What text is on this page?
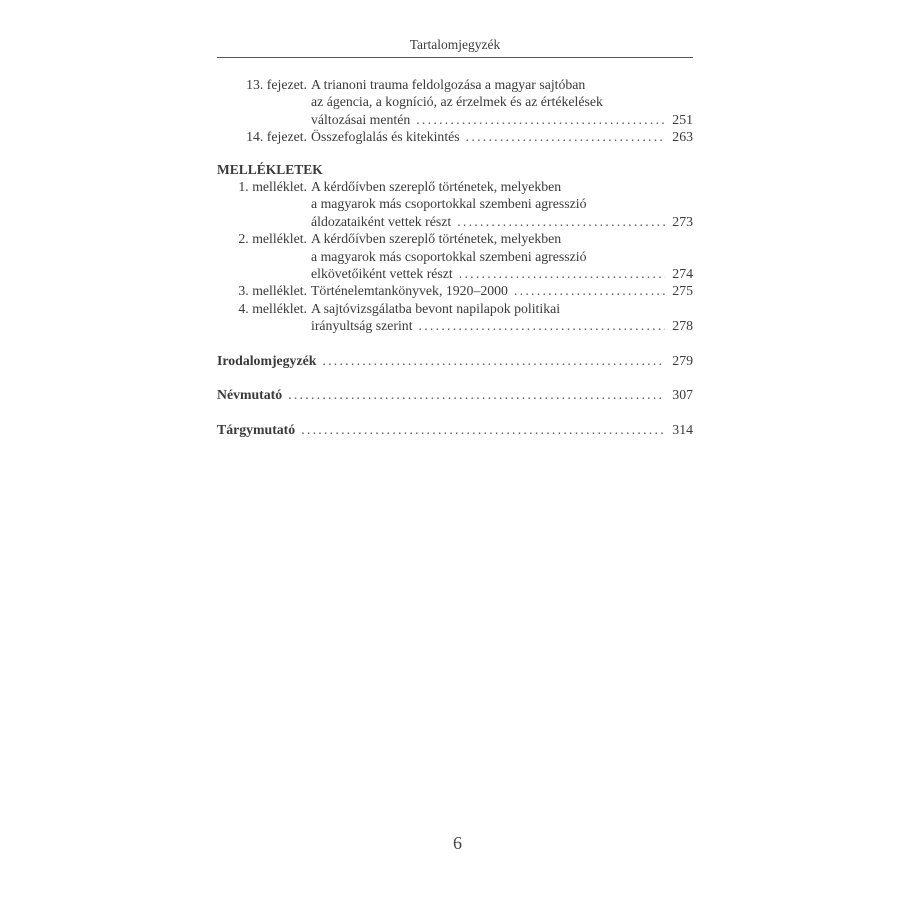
Tartalomjegyzék
13. fejezet. A trianoni trauma feldolgozása a magyar sajtóban
az ágencia, a kogníció, az érzelmek és az értékelések
változásai mentén . . .	251
14. fejezet. Összefoglalás és kitekintés . . .	263
MELLÉKLETEK
1. melléklet. A kérdőívben szereplő történetek, melyekben
a magyarok más csoportokkal szembeni agresszió
áldozataiként vettek részt . . .	273
2. melléklet. A kérdőívben szereplő történetek, melyekben
a magyarok más csoportokkal szembeni agresszió
elkövetőiként vettek részt . . .	274
3. melléklet. Történelemtankönyvek, 1920–2000 . . .	275
4. melléklet. A sajtóvizsgálatba bevont napilapok politikai
irányultság szerint . . .	278
Irodalomjegyzék . . .	279
Névmutató . . .	307
Tárgymutató . . .	314
6
